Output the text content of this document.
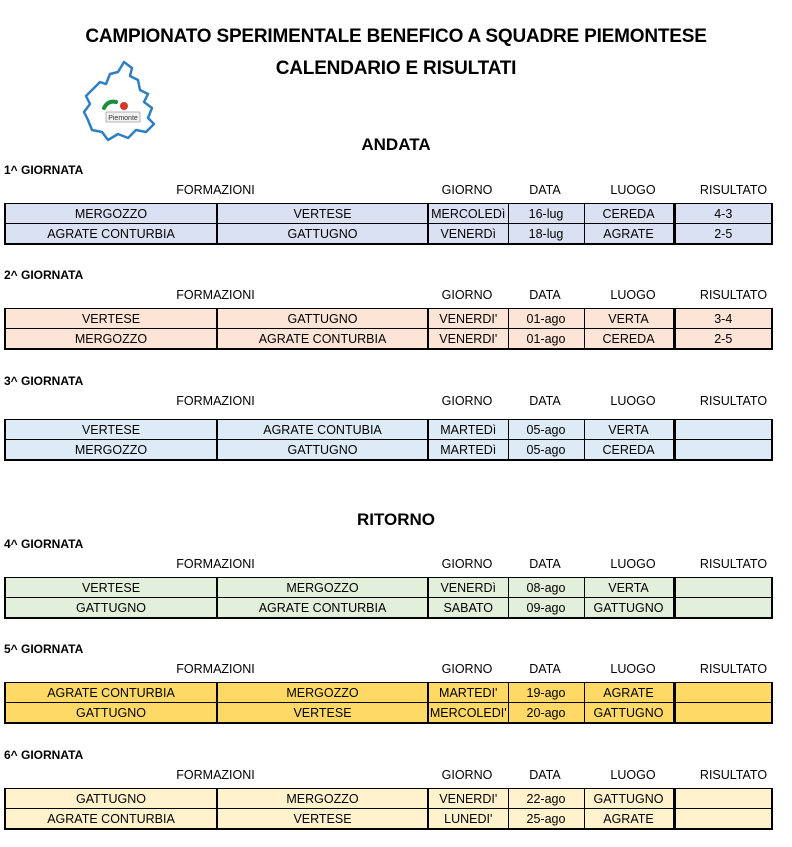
CAMPIONATO SPERIMENTALE BENEFICO A SQUADRE PIEMONTESE
CALENDARIO E RISULTATI
Piemonte
ANDATA
RITORNO
1^ GIORNATA
FORMAZIONI	GIORNO	DATA	LUOGO	RISULTATO
MERGOZZO	VERTESE	MERCOLEDì	16-lug	CEREDA	4-3
AGRATE CONTURBIA	GATTUGNO	VENERDì	18-lug	AGRATE	2-5
2^ GIORNATA
FORMAZIONI	GIORNO	DATA	LUOGO	RISULTATO
VERTESE	GATTUGNO	VENERDI'	01-ago	VERTA	3-4
MERGOZZO	AGRATE CONTURBIA	VENERDI'	01-ago	CEREDA	2-5
3^ GIORNATA
FORMAZIONI	GIORNO	DATA	LUOGO	RISULTATO
VERTESE	AGRATE CONTUBIA	MARTEDì	05-ago	VERTA	
MERGOZZO	GATTUGNO	MARTEDì	05-ago	CEREDA	
4^ GIORNATA
FORMAZIONI	GIORNO	DATA	LUOGO	RISULTATO
VERTESE	MERGOZZO	VENERDì	08-ago	VERTA	
GATTUGNO	AGRATE CONTURBIA	SABATO	09-ago	GATTUGNO	
5^ GIORNATA
FORMAZIONI	GIORNO	DATA	LUOGO	RISULTATO
AGRATE CONTURBIA	MERGOZZO	MARTEDI'	19-ago	AGRATE	
GATTUGNO	VERTESE	MERCOLEDI'	20-ago	GATTUGNO	
6^ GIORNATA
FORMAZIONI	GIORNO	DATA	LUOGO	RISULTATO
GATTUGNO	MERGOZZO	VENERDI'	22-ago	GATTUGNO	
AGRATE CONTURBIA	VERTESE	LUNEDI'	25-ago	AGRATE	
